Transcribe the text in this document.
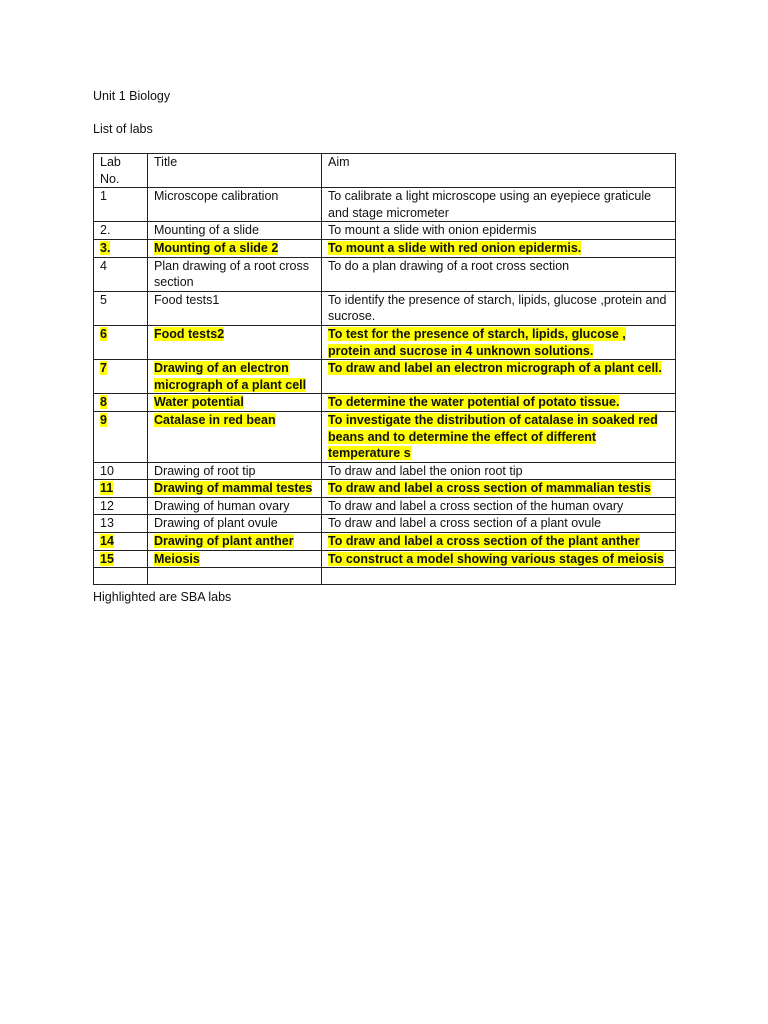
Unit 1 Biology

List of labs

Lab No.	Title	Aim
1	Microscope calibration	To calibrate a light microscope using an eyepiece graticule and stage micrometer
2.	Mounting of a slide	To mount a slide with onion epidermis
3.	Mounting of a slide 2	To mount a slide with red onion epidermis.
4	Plan drawing of a root cross section	To do a plan drawing of a root cross section
5	Food tests1	To identify the presence of starch, lipids, glucose ,protein and sucrose.
6	Food tests2	To test for the presence of starch, lipids, glucose , protein and sucrose in 4 unknown solutions.
7	Drawing of an electron micrograph of a plant cell	To draw and label an electron micrograph of a plant cell.
8	Water potential	To determine the water potential of potato tissue.
9	Catalase in red bean	To investigate the distribution of catalase in soaked red beans and to determine the effect of different temperature s
10	Drawing of root tip	To draw and label the onion root tip
11	Drawing of mammal testes	To draw and label a cross section of mammalian testis
12	Drawing of human ovary	To draw and label a cross section of the human ovary
13	Drawing of plant ovule	To draw and label a cross section of a plant ovule
14	Drawing of plant anther	To draw and label a cross section of the plant anther
15	Meiosis	To construct a model showing various stages of meiosis

Highlighted are SBA labs
